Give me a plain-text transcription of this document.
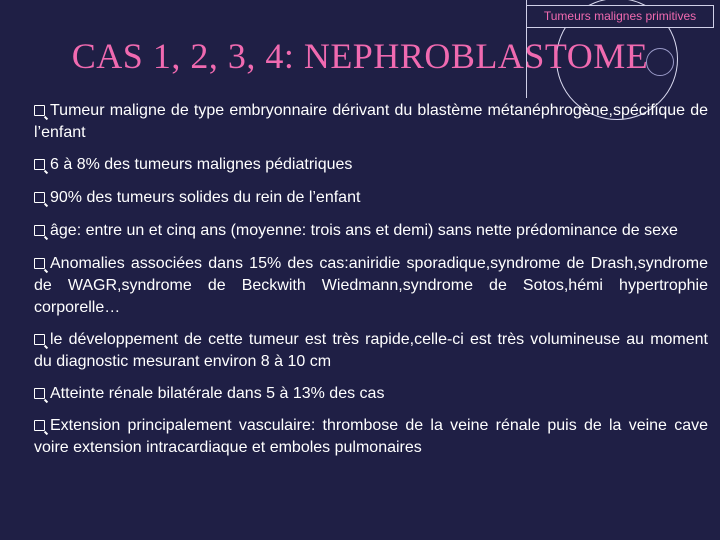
Tumeurs malignes primitives
CAS 1, 2, 3, 4: NEPHROBLASTOME

Tumeur maligne de type embryonnaire dérivant du blastème métanéphrogène,spécifique de l’enfant

6 à 8% des tumeurs malignes pédiatriques

90% des tumeurs solides du rein de l’enfant

âge: entre un et cinq ans (moyenne: trois ans et demi) sans nette prédominance de sexe

Anomalies associées dans 15% des cas:aniridie sporadique,syndrome de Drash,syndrome de WAGR,syndrome de Beckwith Wiedmann,syndrome de Sotos,hémi hypertrophie corporelle…

le développement de cette tumeur est très rapide,celle-ci est très volumineuse au moment du diagnostic mesurant environ 8 à 10 cm

Atteinte rénale bilatérale dans 5 à 13% des cas

Extension principalement vasculaire: thrombose de la veine rénale puis de la veine cave voire extension intracardiaque et emboles pulmonaires
